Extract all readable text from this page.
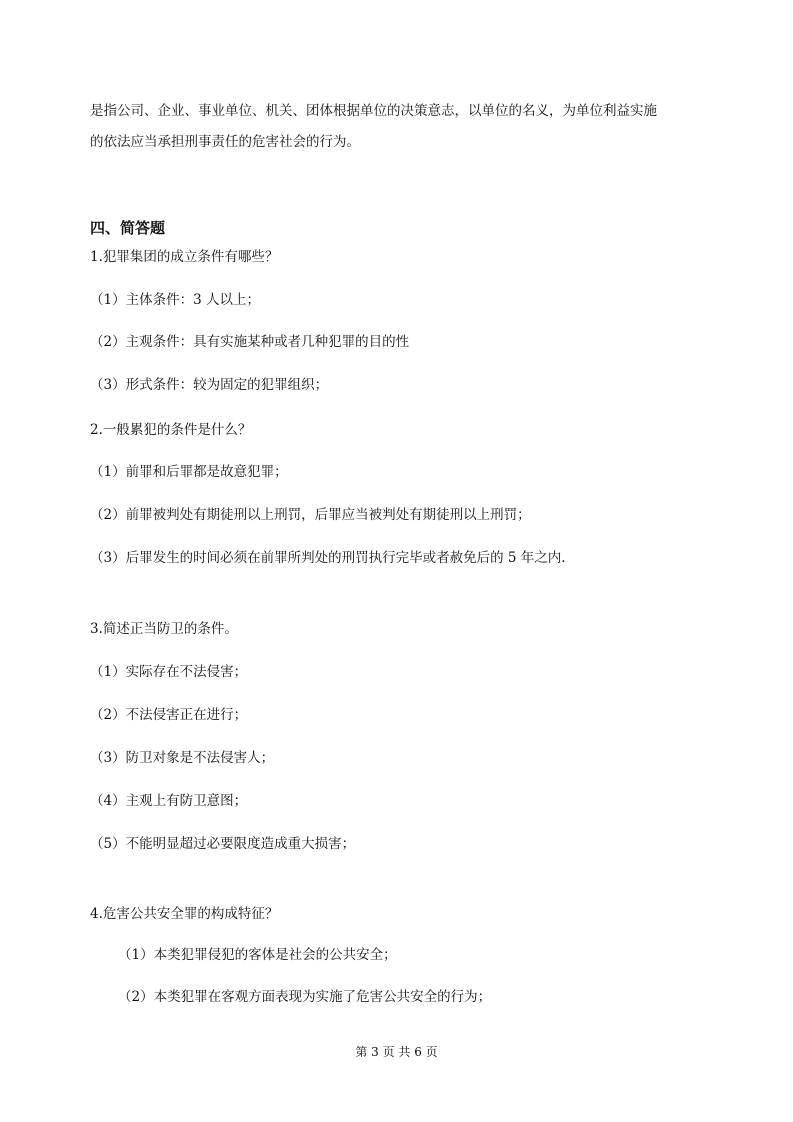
是指公司、企业、事业单位、机关、团体根据单位的决策意志，以单位的名义，为单位利益实施
的依法应当承担刑事责任的危害社会的行为。
四、简答题
1.犯罪集团的成立条件有哪些？
（1）主体条件：3 人以上；
（2）主观条件：具有实施某种或者几种犯罪的目的性
（3）形式条件：较为固定的犯罪组织；
2.一般累犯的条件是什么？
（1）前罪和后罪都是故意犯罪；
（2）前罪被判处有期徒刑以上刑罚，后罪应当被判处有期徒刑以上刑罚；
（3）后罪发生的时间必须在前罪所判处的刑罚执行完毕或者赦免后的 5 年之内.
3.简述正当防卫的条件。
（1）实际存在不法侵害；
（2）不法侵害正在进行；
（3）防卫对象是不法侵害人；
（4）主观上有防卫意图；
（5）不能明显超过必要限度造成重大损害；
4.危害公共安全罪的构成特征？
（1）本类犯罪侵犯的客体是社会的公共安全；
（2）本类犯罪在客观方面表现为实施了危害公共安全的行为；
第 3 页 共 6 页
